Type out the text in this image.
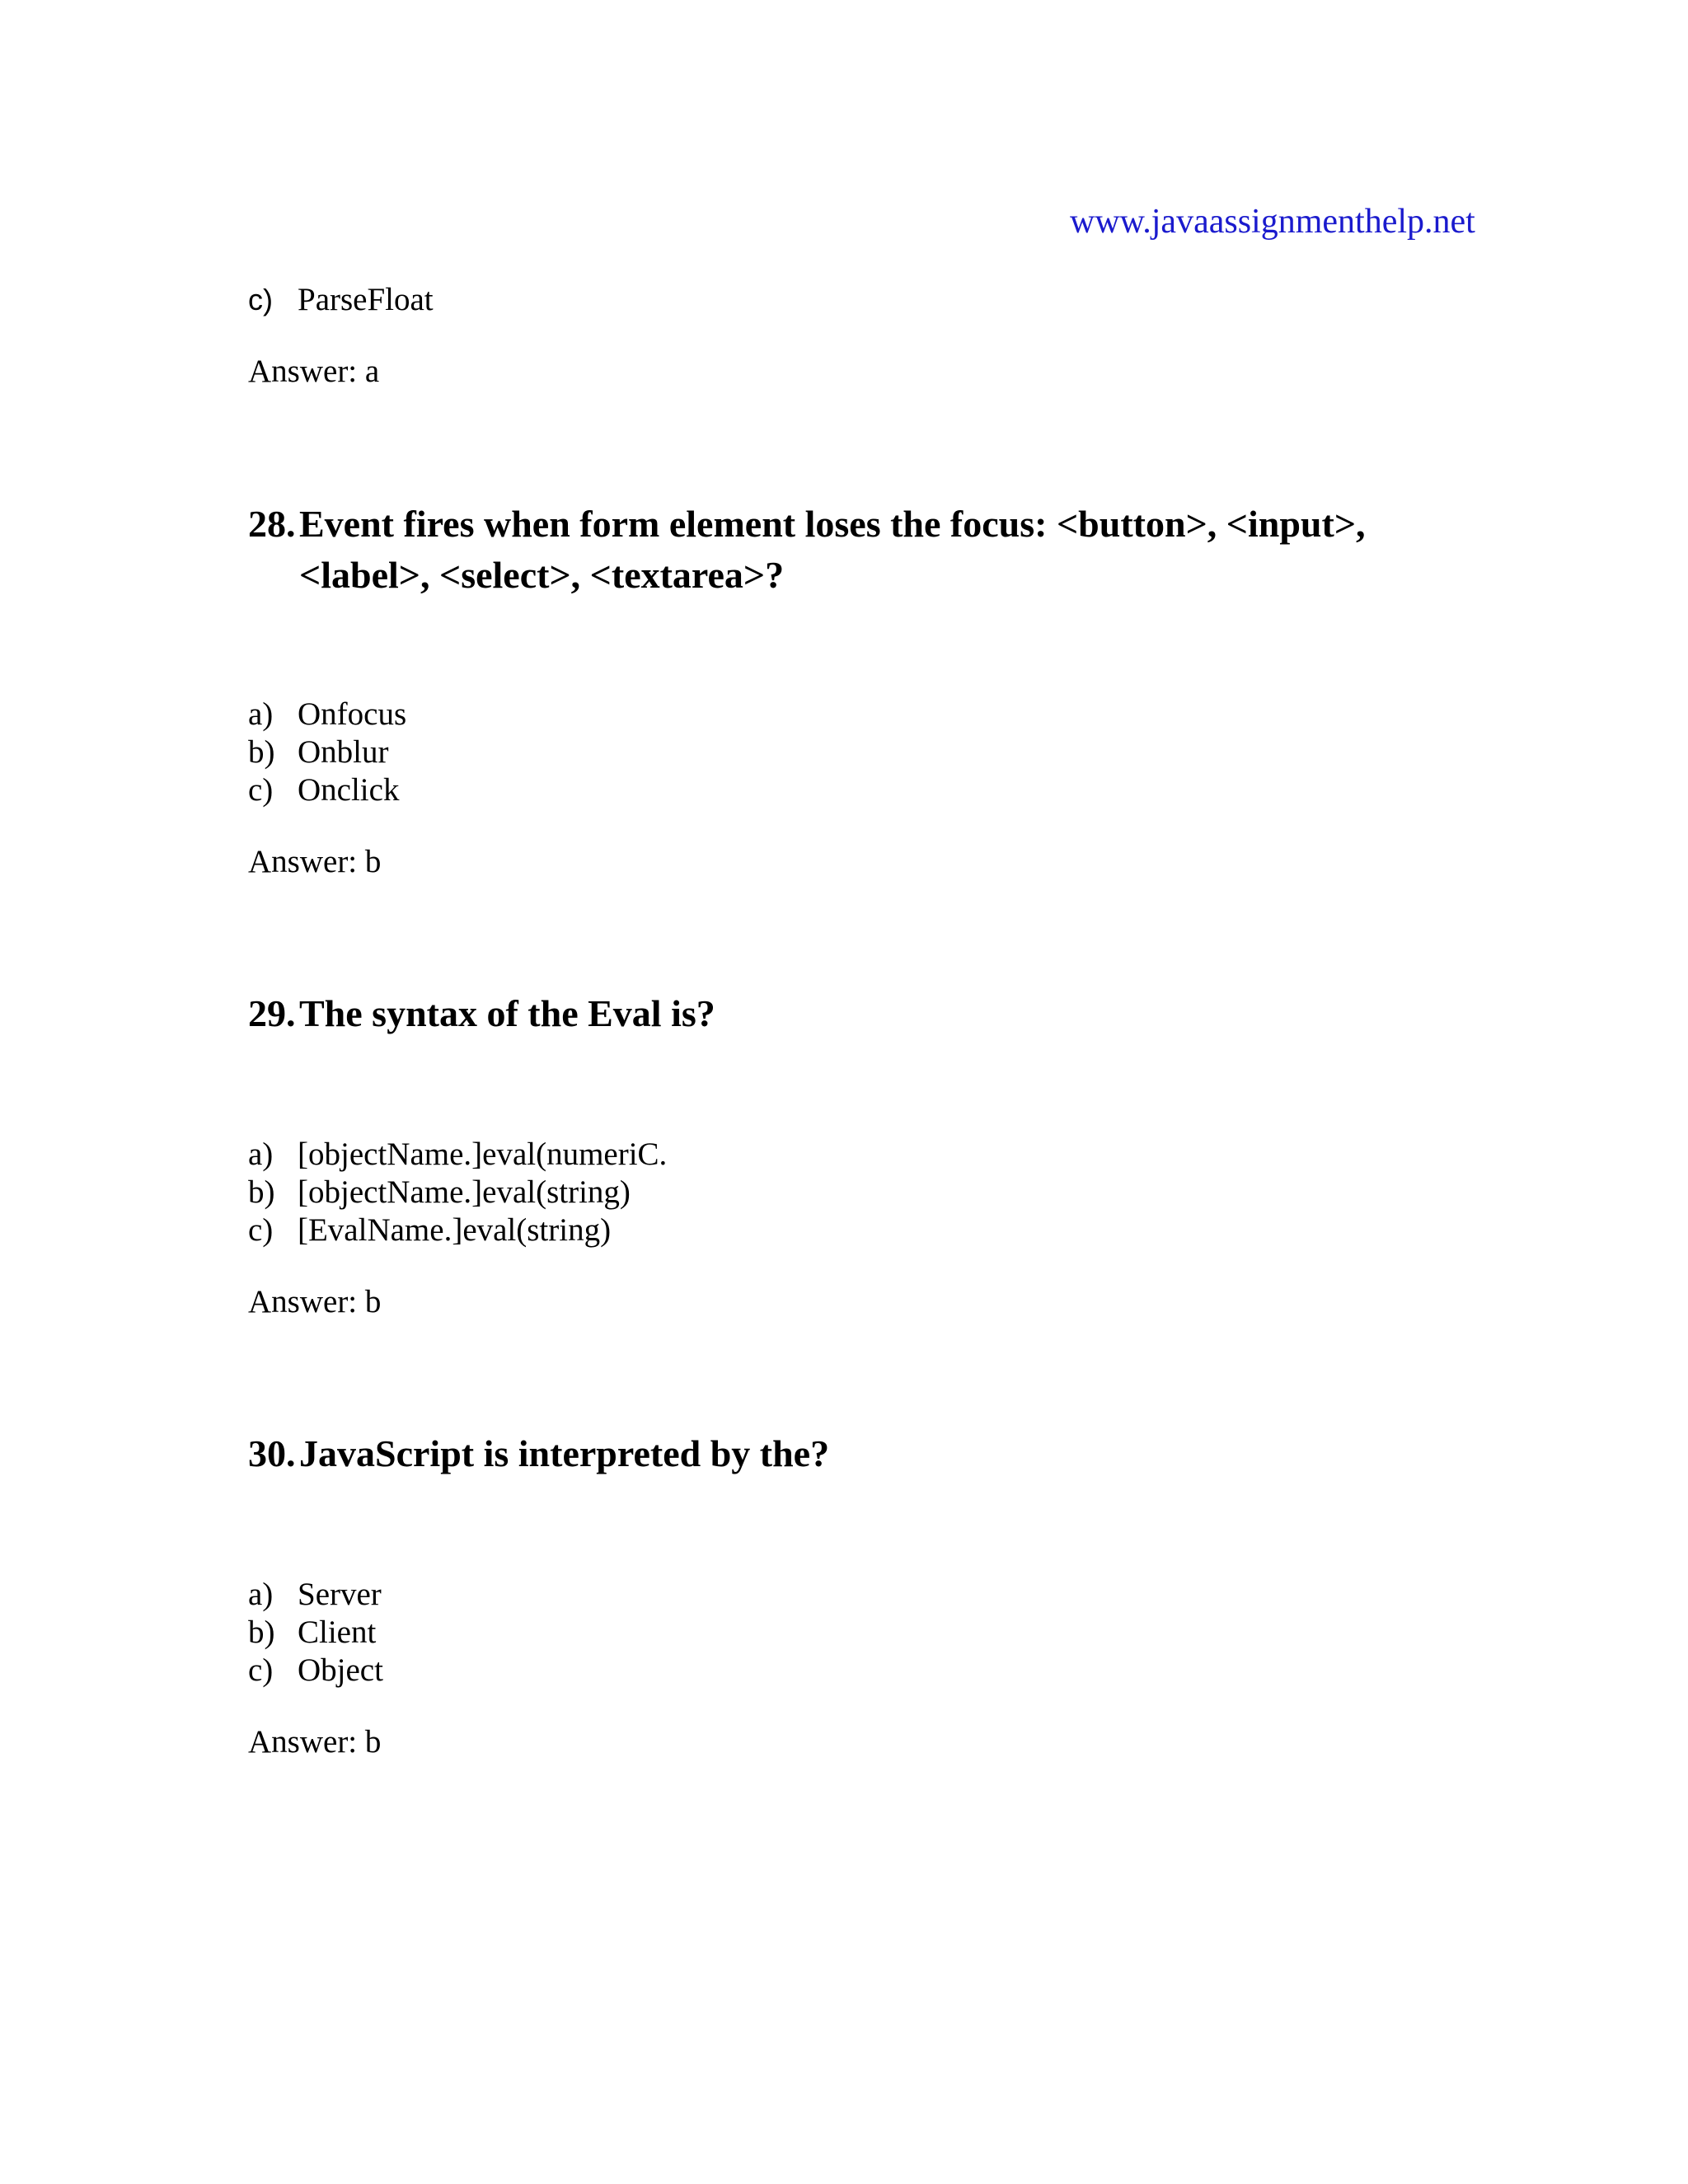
www.javaassignmenthelp.net
c) ParseFloat
Answer: a
28. Event fires when form element loses the focus: <button>, <input>,
<label>, <select>, <textarea>?
a) Onfocus
b) Onblur
c) Onclick
Answer: b
29. The syntax of the Eval is?
a) [objectName.]eval(numeriC.
b) [objectName.]eval(string)
c) [EvalName.]eval(string)
Answer: b
30. JavaScript is interpreted by the?
a) Server
b) Client
c) Object
Answer: b
